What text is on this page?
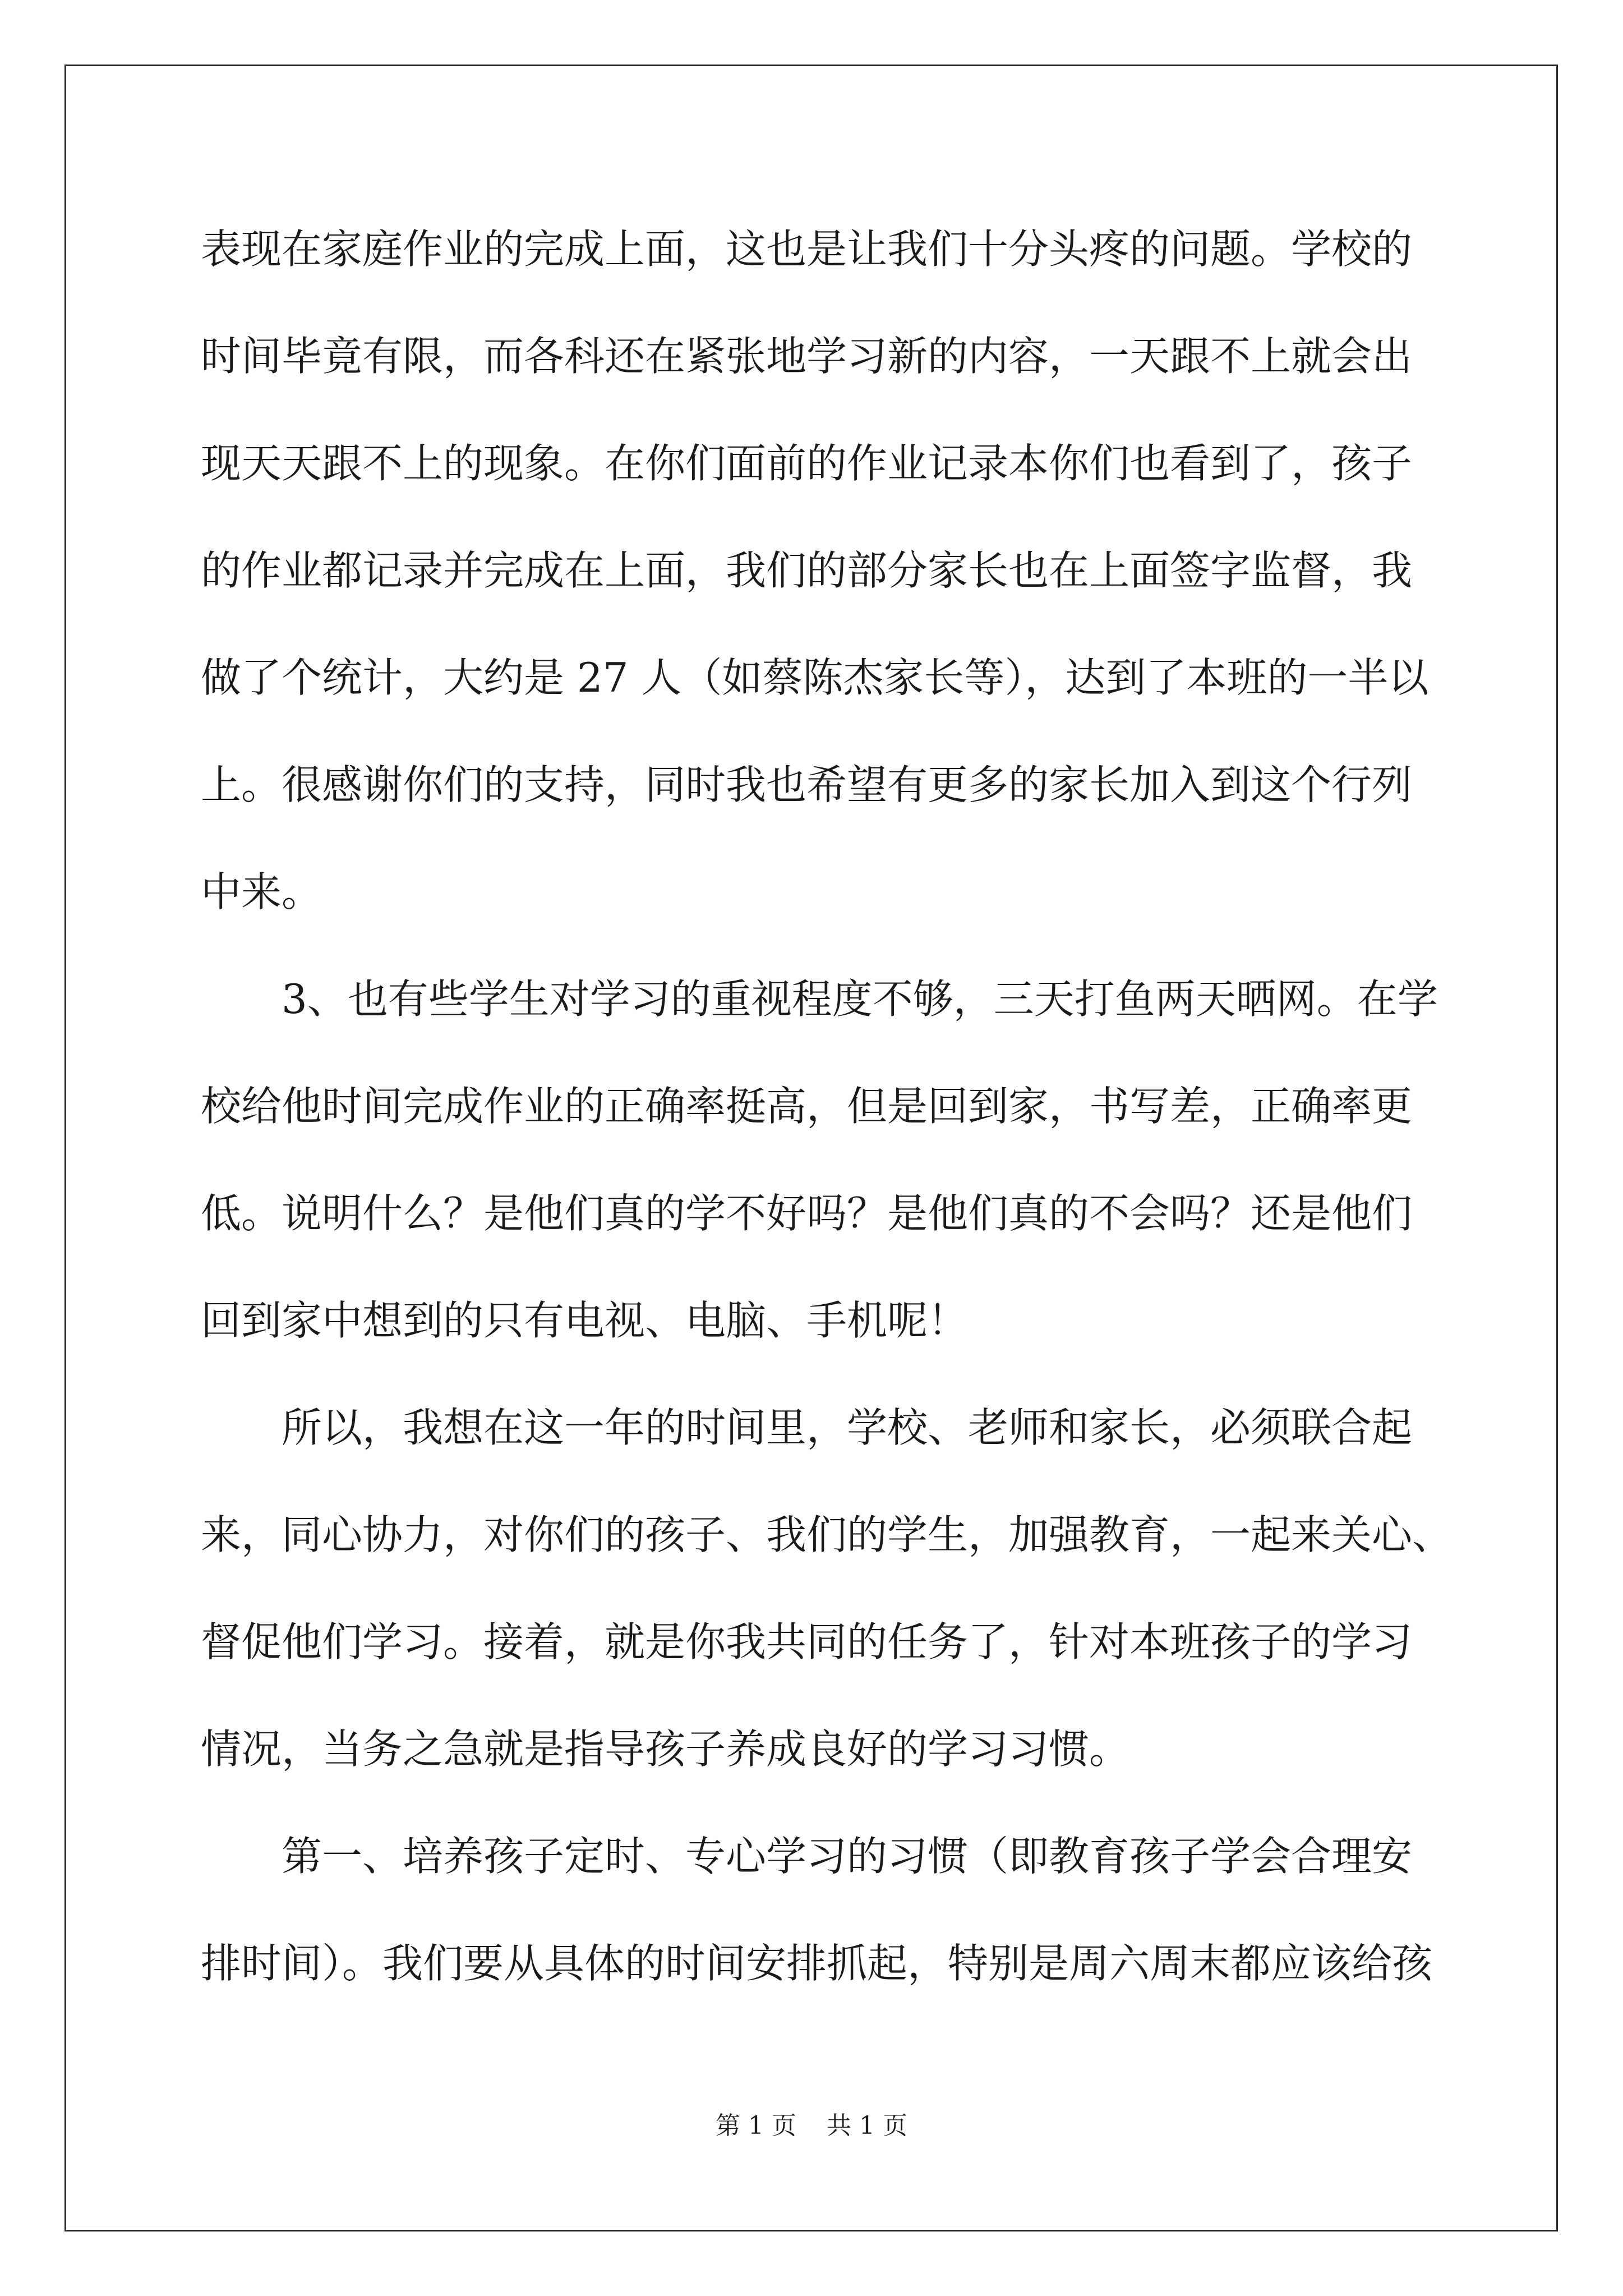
表现在家庭作业的完成上面，这也是让我们十分头疼的问题。学校的

时间毕竟有限，而各科还在紧张地学习新的内容，一天跟不上就会出

现天天跟不上的现象。在你们面前的作业记录本你们也看到了，孩子

的作业都记录并完成在上面，我们的部分家长也在上面签字监督，我

做了个统计，大约是 27 人（如蔡陈杰家长等），达到了本班的一半以

上。很感谢你们的支持，同时我也希望有更多的家长加入到这个行列

中来。

3、也有些学生对学习的重视程度不够，三天打鱼两天晒网。在学

校给他时间完成作业的正确率挺高，但是回到家，书写差，正确率更

低。说明什么？是他们真的学不好吗？是他们真的不会吗？还是他们

回到家中想到的只有电视、电脑、手机呢！

所以，我想在这一年的时间里，学校、老师和家长，必须联合起

来，同心协力，对你们的孩子、我们的学生，加强教育，一起来关心、

督促他们学习。接着，就是你我共同的任务了，针对本班孩子的学习

情况，当务之急就是指导孩子养成良好的学习习惯。

第一、培养孩子定时、专心学习的习惯（即教育孩子学会合理安

排时间）。我们要从具体的时间安排抓起，特别是周六周末都应该给孩

第 1 页 共 1 页
